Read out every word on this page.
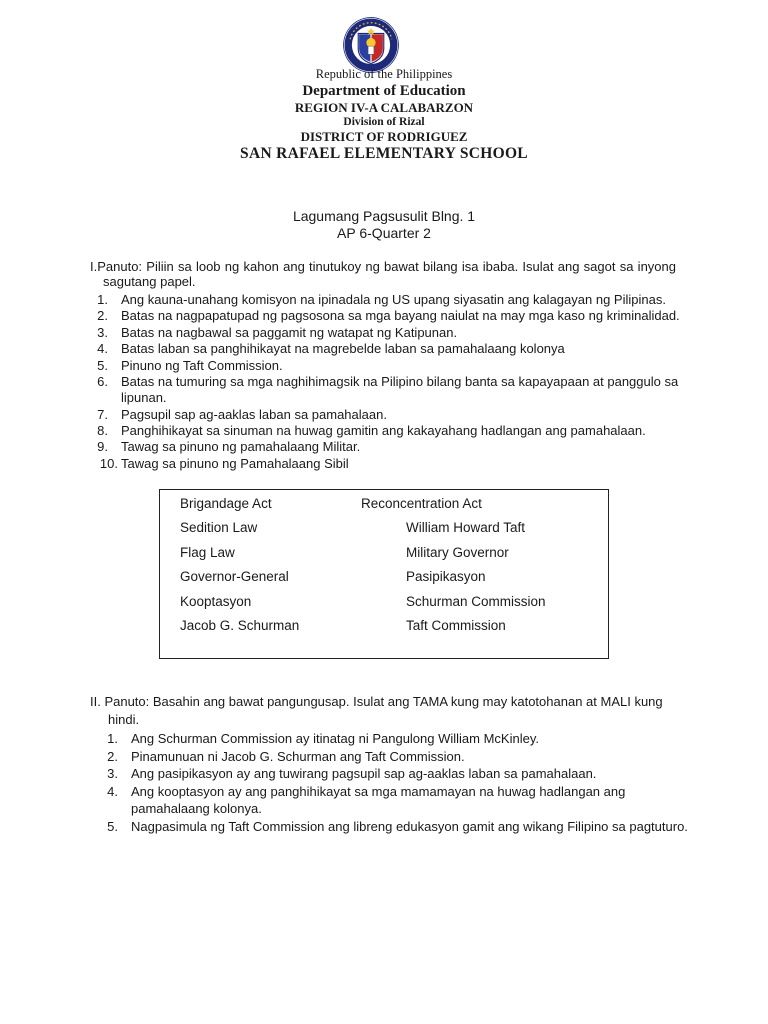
Republic of the Philippines
Department of Education
REGION IV-A CALABARZON
Division of Rizal
DISTRICT OF RODRIGUEZ
SAN RAFAEL ELEMENTARY SCHOOL
Lagumang Pagsusulit Blng. 1
AP 6-Quarter 2
I.Panuto: Piliin sa loob ng kahon ang tinutukoy ng bawat bilang isa ibaba. Isulat ang sagot sa inyong
sagutang papel.
1. Ang kauna-unahang komisyon na ipinadala ng US upang siyasatin ang kalagayan ng Pilipinas.
2. Batas na nagpapatupad ng pagsosona sa mga bayang naiulat na may mga kaso ng kriminalidad.
3. Batas na nagbawal sa paggamit ng watapat ng Katipunan.
4. Batas laban sa panghihikayat na magrebelde laban sa pamahalaang kolonya
5. Pinuno ng Taft Commission.
6. Batas na tumuring sa mga naghihimagsik na Pilipino bilang banta sa kapayapaan at panggulo sa
lipunan.
7. Pagsupil sap ag-aaklas laban sa pamahalaan.
8. Panghihikayat sa sinuman na huwag gamitin ang kakayahang hadlangan ang pamahalaan.
9. Tawag sa pinuno ng pamahalaang Militar.
10. Tawag sa pinuno ng Pamahalaang Sibil
Brigandage Act
Sedition Law
Flag Law
Governor-General
Kooptasyon
Jacob G. Schurman
Reconcentration Act
William Howard Taft
Military Governor
Pasipikasyon
Schurman Commission
Taft Commission
II. Panuto: Basahin ang bawat pangungusap. Isulat ang TAMA kung may katotohanan at MALI kung
hindi.
1. Ang Schurman Commission ay itinatag ni Pangulong William McKinley.
2. Pinamunuan ni Jacob G. Schurman ang Taft Commission.
3. Ang pasipikasyon ay ang tuwirang pagsupil sap ag-aaklas laban sa pamahalaan.
4. Ang kooptasyon ay ang panghihikayat sa mga mamamayan na huwag hadlangan ang
pamahalaang kolonya.
5. Nagpasimula ng Taft Commission ang libreng edukasyon gamit ang wikang Filipino sa pagtuturo.
